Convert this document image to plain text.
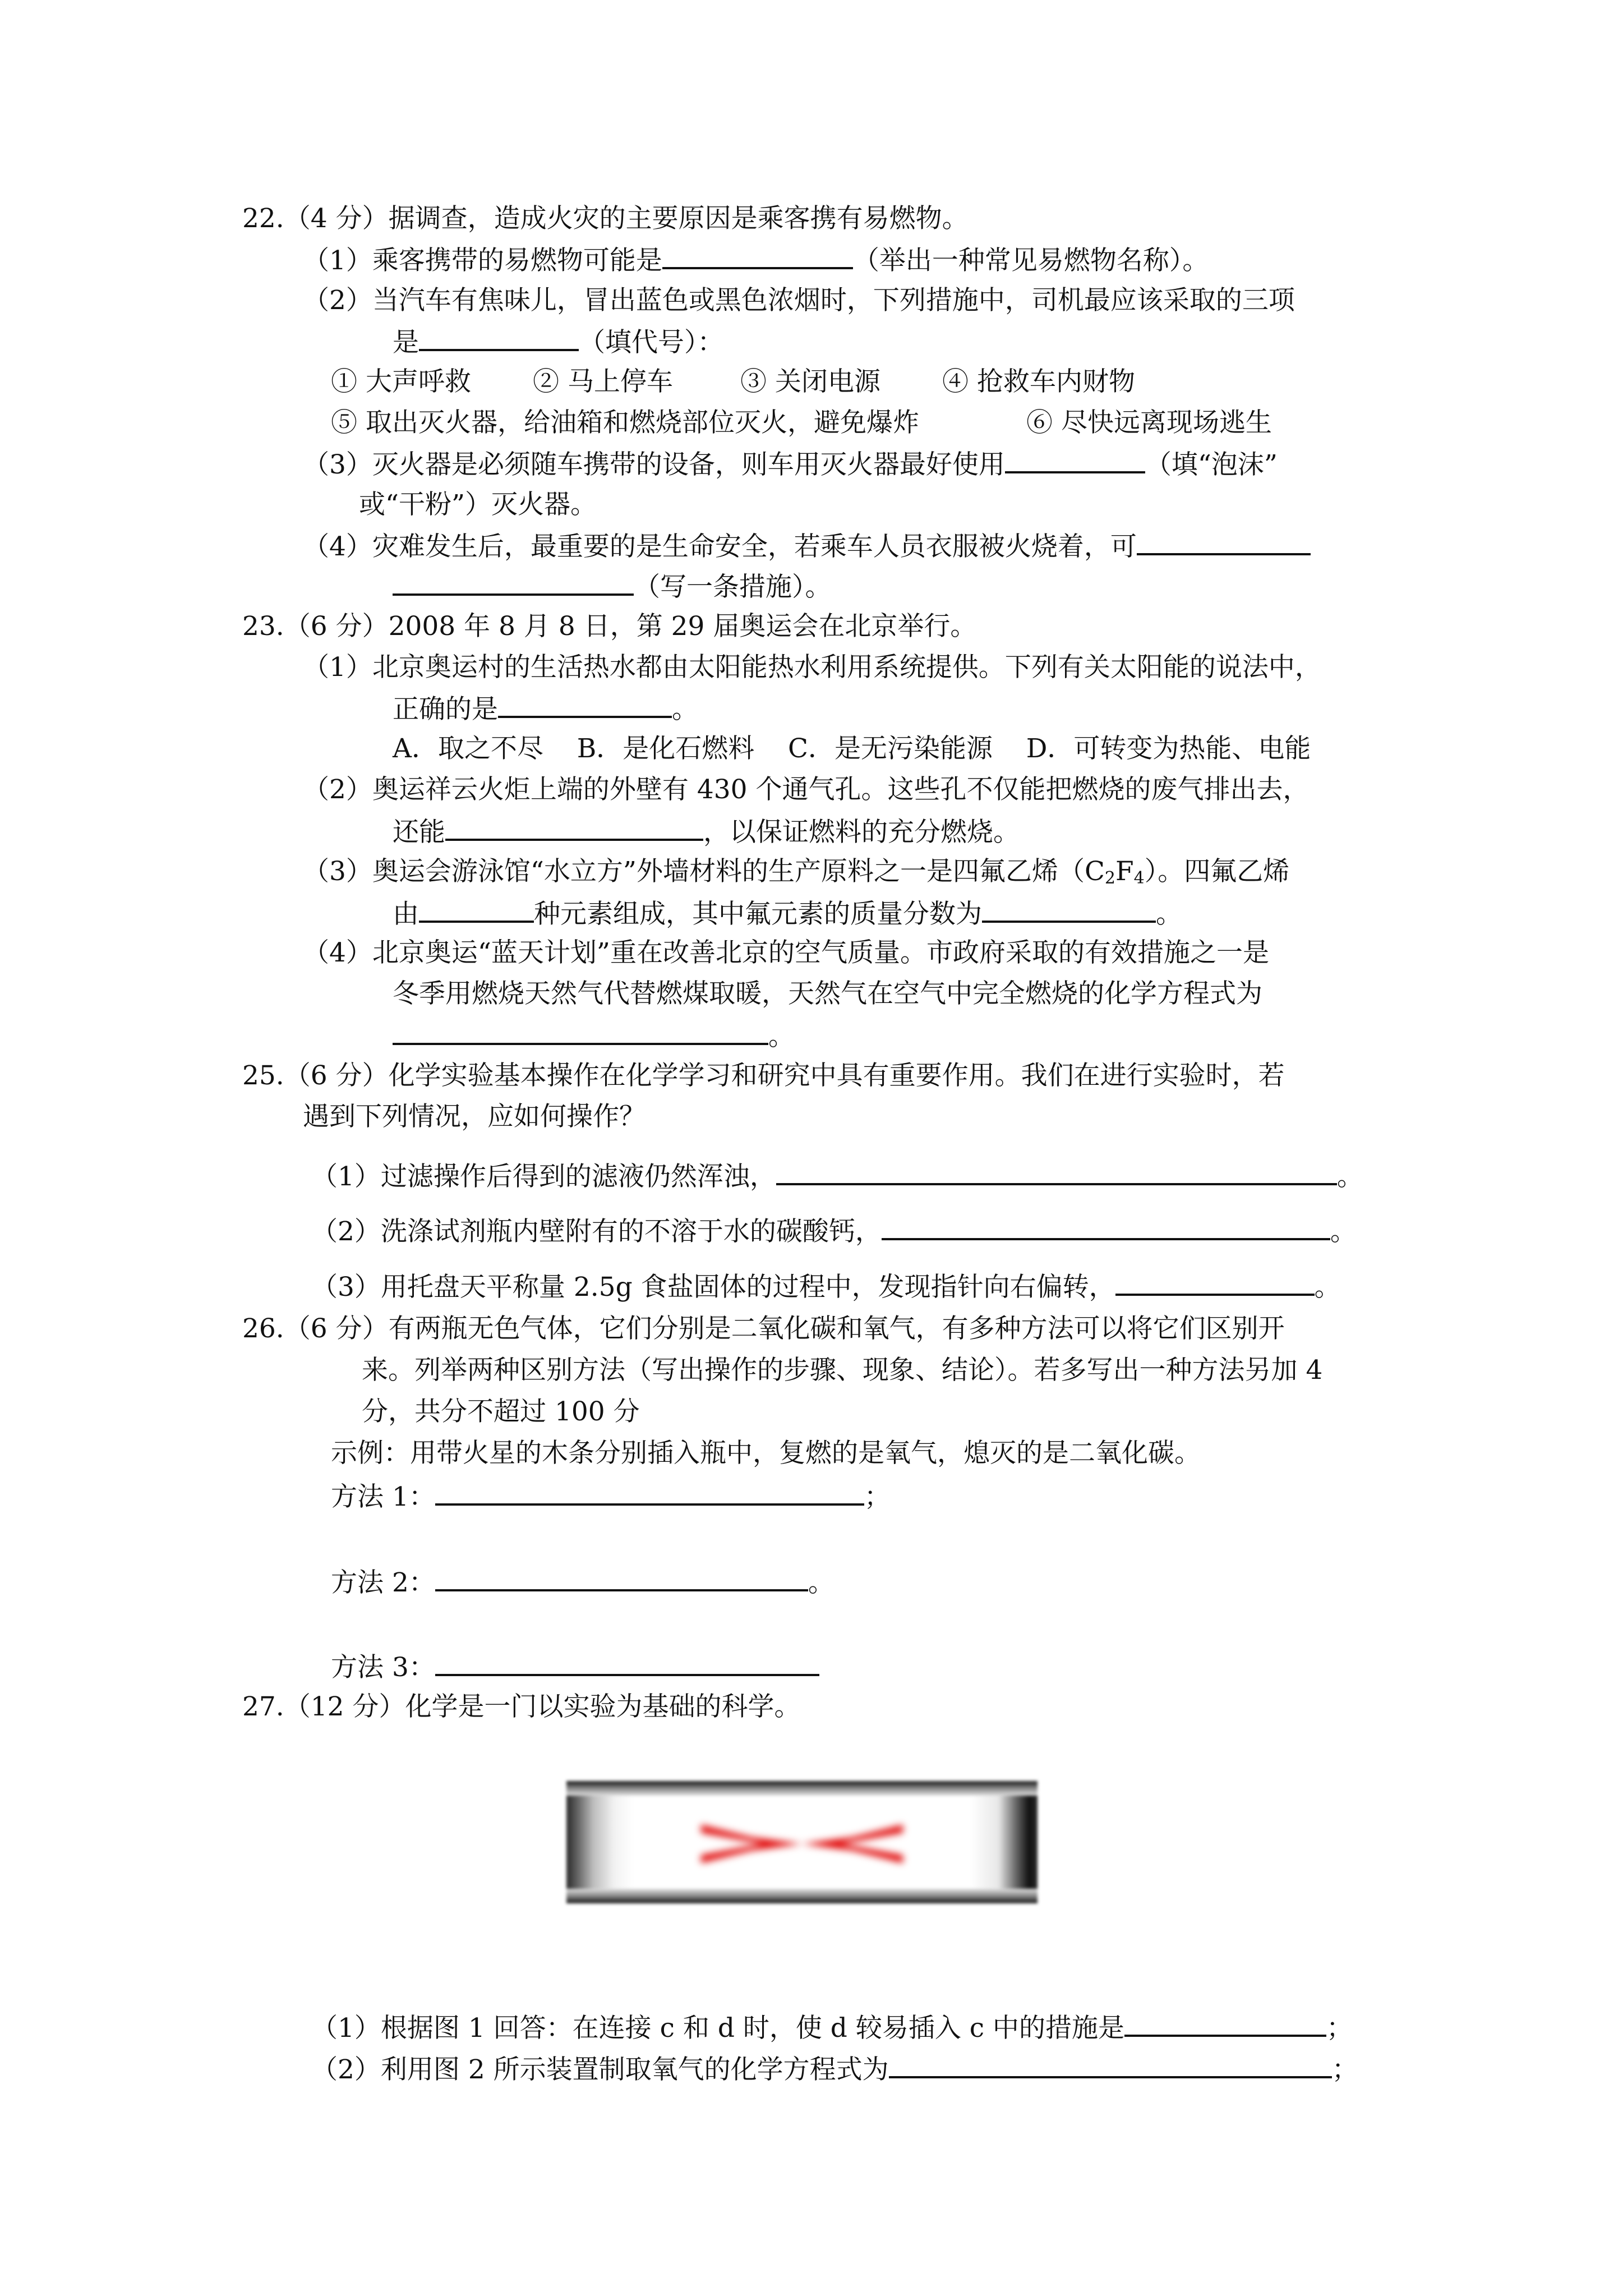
22.（4 分）据调查，造成火灾的主要原因是乘客携有易燃物。
（1）乘客携带的易燃物可能是	（举出一种常见易燃物名称）。
（2）当汽车有焦味儿，冒出蓝色或黑色浓烟时，下列措施中，司机最应该采取的三项
是	（填代号）：
① 大声呼救 ② 马上停车	③ 关闭电源 ④ 抢救车内财物
⑤ 取出灭火器，给油箱和燃烧部位灭火，避免爆炸	⑥ 尽快远离现场逃生
（3）灭火器是必须随车携带的设备，则车用灭火器最好使用	（填“泡沫”
或“干粉”）灭火器。
（4）灾难发生后，最重要的是生命安全，若乘车人员衣服被火烧着，可
（写一条措施）。
23.（6 分）2008 年 8 月 8 日，第 29 届奥运会在北京举行。
（1）北京奥运村的生活热水都由太阳能热水利用系统提供。下列有关太阳能的说法中，
正确的是	。
A．取之不尽    B．是化石燃料    C．是无污染能源    D．可转变为热能、电能
（2）奥运祥云火炬上端的外壁有 430 个通气孔。这些孔不仅能把燃烧的废气排出去，
还能	，以保证燃料的充分燃烧。
（3）奥运会游泳馆“水立方”外墙材料的生产原料之一是四氟乙烯$(C_2F_4)$。四氟乙烯
由	种元素组成，其中氟元素的质量分数为	。
（4）北京奥运“蓝天计划”重在改善北京的空气质量。市政府采取的有效措施之一是
冬季用燃烧天然气代替燃煤取暖，天然气在空气中完全燃烧的化学方程式为
。
25.（6 分）化学实验基本操作在化学学习和研究中具有重要作用。我们在进行实验时，若
遇到下列情况，应如何操作？
（1）过滤操作后得到的滤液仍然浑浊，	。
（2）洗涤试剂瓶内壁附有的不溶于水的碳酸钙，	。
（3）用托盘天平称量 2.5g 食盐固体的过程中，发现指针向右偏转，	。
26.（6 分）有两瓶无色气体，它们分别是二氧化碳和氧气，有多种方法可以将它们区别开
来。列举两种区别方法（写出操作的步骤、现象、结论）。若多写出一种方法另加 4
分，共分不超过 100 分
示例：用带火星的木条分别插入瓶中，复燃的是氧气，熄灭的是二氧化碳。
方法 1：	；
方法 2：	。
方法 3：
27.（12 分）化学是一门以实验为基础的科学。
（1）根据图 1 回答：在连接 c 和 d 时，使 d 较易插入 c 中的措施是	；
（2）利用图 2 所示装置制取氧气的化学方程式为	；
